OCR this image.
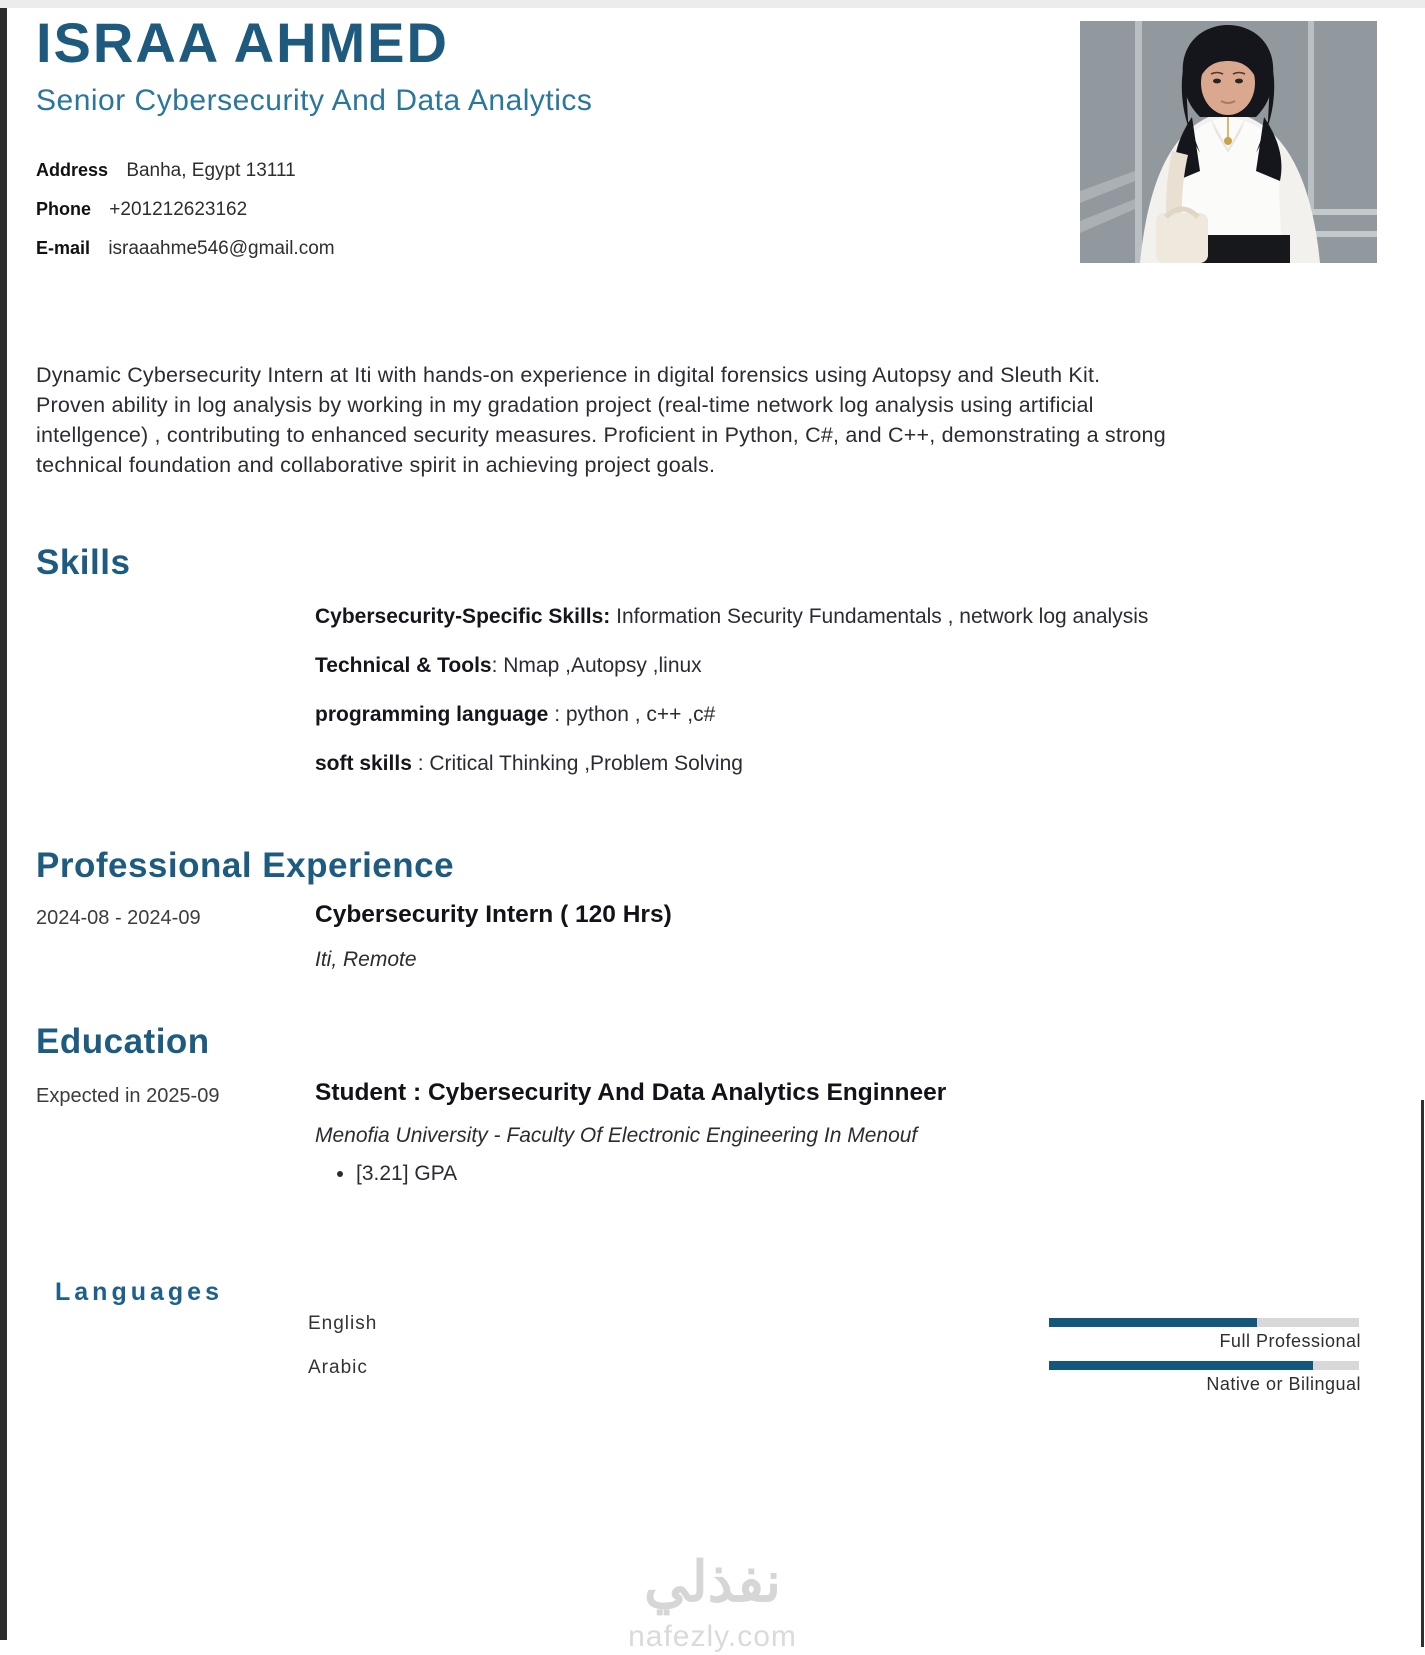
ISRAA AHMED
Senior Cybersecurity And Data Analytics
Address Banha, Egypt 13111
Phone +201212623162
E-mail israaahme546@gmail.com
Dynamic Cybersecurity Intern at Iti with hands-on experience in digital forensics using Autopsy and Sleuth Kit. Proven ability in log analysis by working in my gradation project (real-time network log analysis using artificial intellgence) , contributing to enhanced security measures. Proficient in Python, C#, and C++, demonstrating a strong technical foundation and collaborative spirit in achieving project goals.
Skills
Cybersecurity-Specific Skills: Information Security Fundamentals , network log analysis
Technical & Tools: Nmap ,Autopsy ,linux
programming language : python , c++ ,c#
soft skills : Critical Thinking ,Problem Solving
Professional Experience
2024-08 - 2024-09	Cybersecurity Intern ( 120 Hrs)
Iti, Remote
Education
Expected in 2025-09	Student : Cybersecurity And Data Analytics Enginneer
Menofia University - Faculty Of Electronic Engineering In Menouf
• [3.21] GPA
Languages
English
Full Professional
Arabic
Native or Bilingual
نفذلي
nafezly.com
